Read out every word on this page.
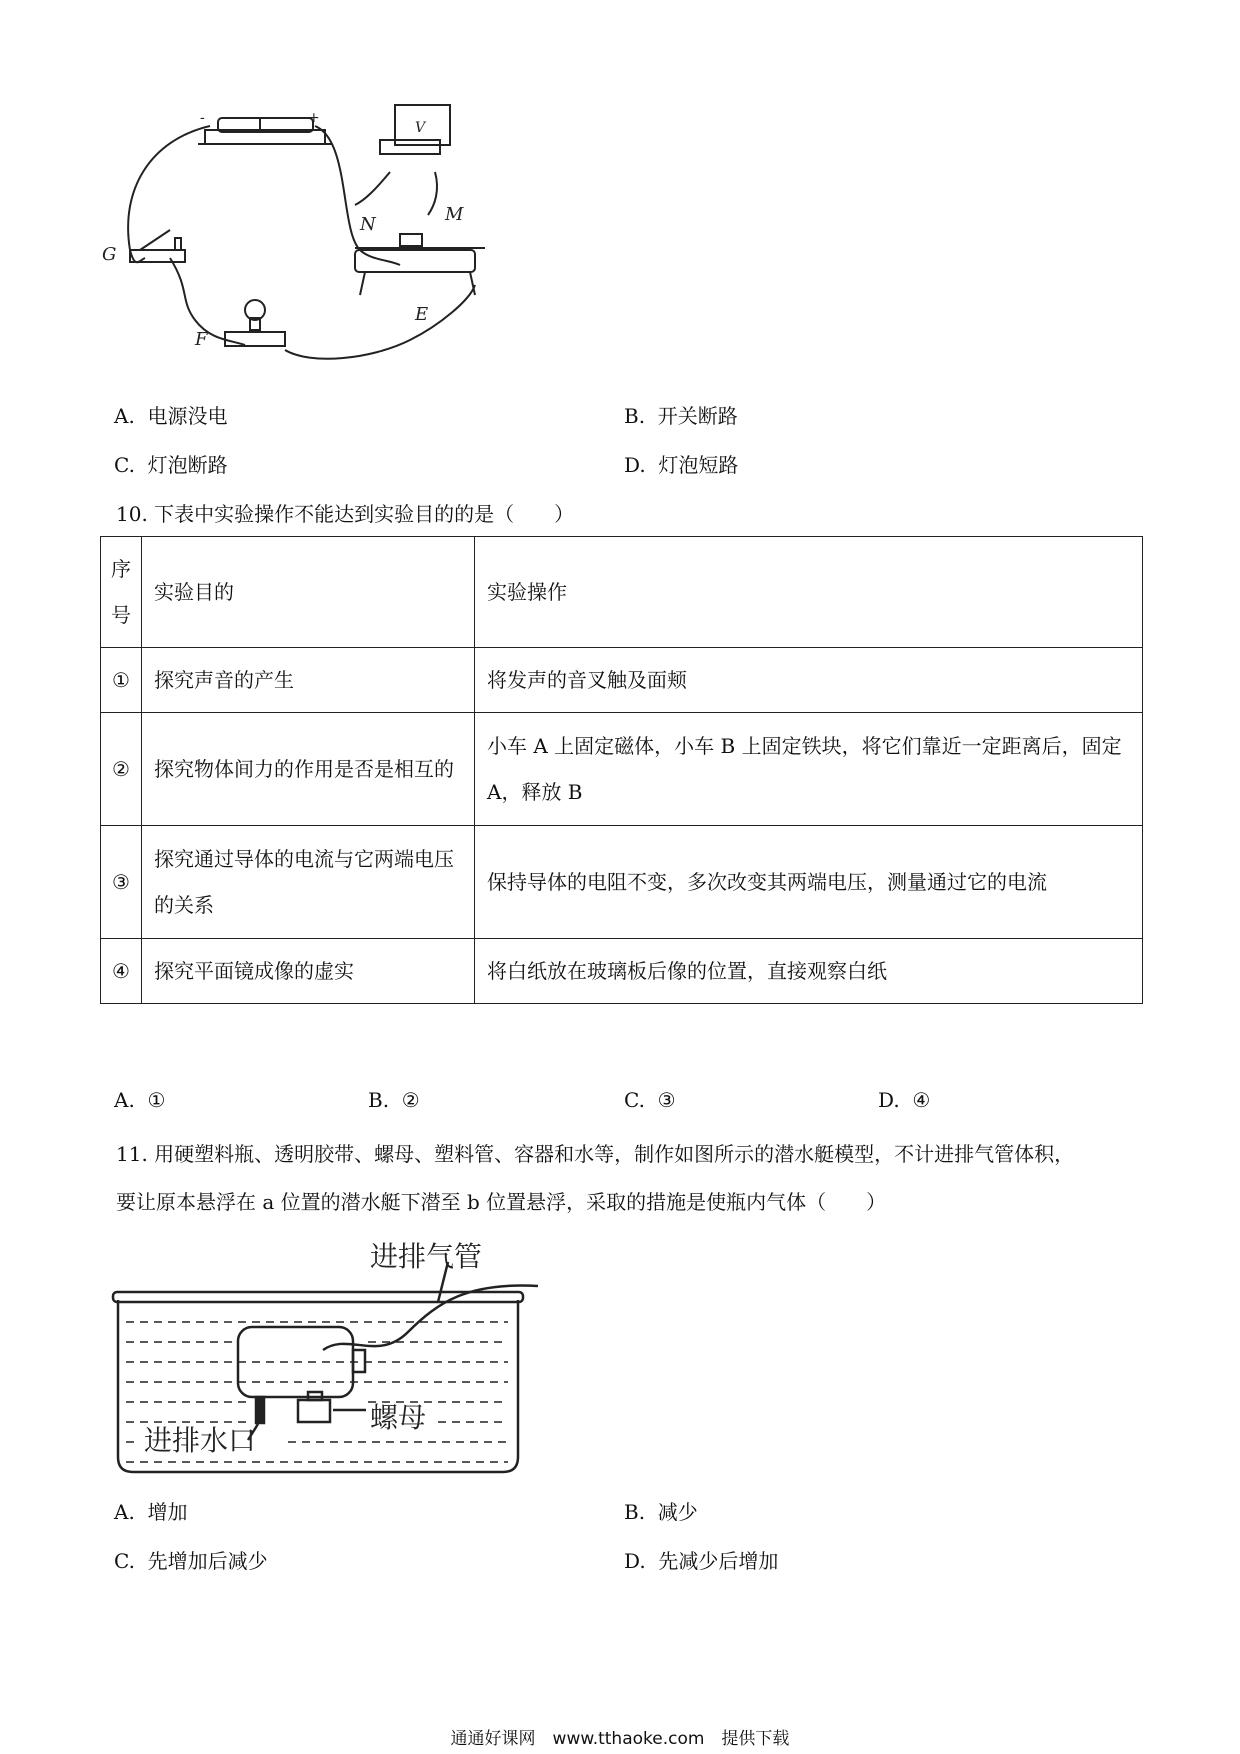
G
F
E
N	M
V
-	+
A. 电源没电	B. 开关断路
C. 灯泡断路	D. 灯泡短路
10. 下表中实验操作不能达到实验目的的是（　　）
序号	实验目的	实验操作
①	探究声音的产生	将发声的音叉触及面颊
②	探究物体间力的作用是否是相互的	小车 A 上固定磁体，小车 B 上固定铁块，将它们靠近一定距离后，固定 A，释放 B
③	探究通过导体的电流与它两端电压的关系	保持导体的电阻不变，多次改变其两端电压，测量通过它的电流
④	探究平面镜成像的虚实	将白纸放在玻璃板后像的位置，直接观察白纸
A. ①	B. ②	C. ③	D. ④
11. 用硬塑料瓶、透明胶带、螺母、塑料管、容器和水等，制作如图所示的潜水艇模型，不计进排气管体积，
要让原本悬浮在 a 位置的潜水艇下潜至 b 位置悬浮，采取的措施是使瓶内气体（　　）
进排气管
螺母
进排水口
A. 增加	B. 减少
C. 先增加后减少	D. 先减少后增加
通通好课网　www.tthaoke.com　提供下载
